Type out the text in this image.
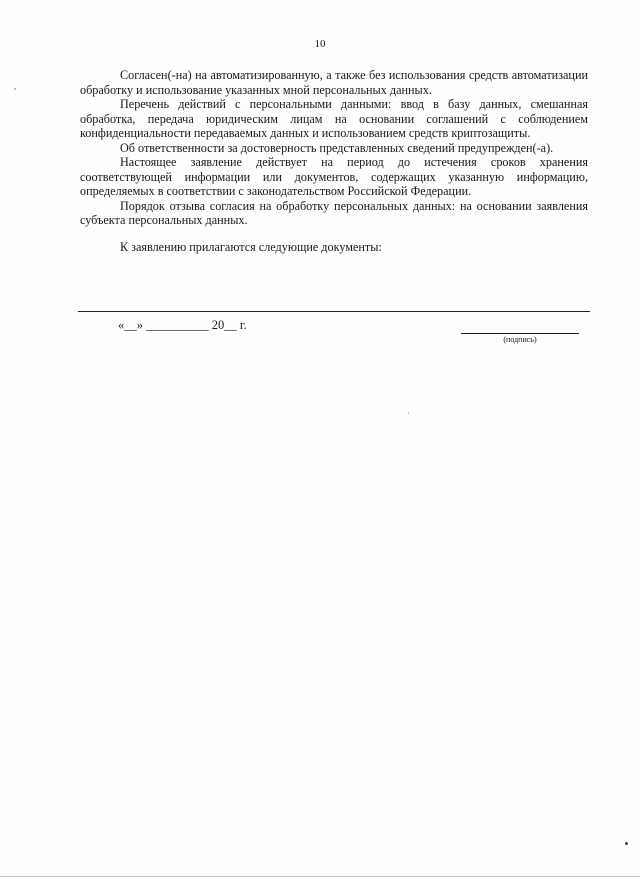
10

Согласен(-на) на автоматизированную, а также без использования средств автоматизации обработку и использование указанных мной персональных данных.

Перечень действий с персональными данными: ввод в базу данных, смешанная обработка, передача юридическим лицам на основании соглашений с соблюдением конфиденциальности передаваемых данных и использованием средств криптозащиты.

Об ответственности за достоверность представленных сведений предупрежден(-а).

Настоящее заявление действует на период до истечения сроков хранения соответствующей информации или документов, содержащих указанную информацию, определяемых в соответствии с законодательством Российской Федерации.

Порядок отзыва согласия на обработку персональных данных: на основании заявления субъекта персональных данных.

К заявлению прилагаются следующие документы:

«__» __________ 20__ г.
(подпись)
